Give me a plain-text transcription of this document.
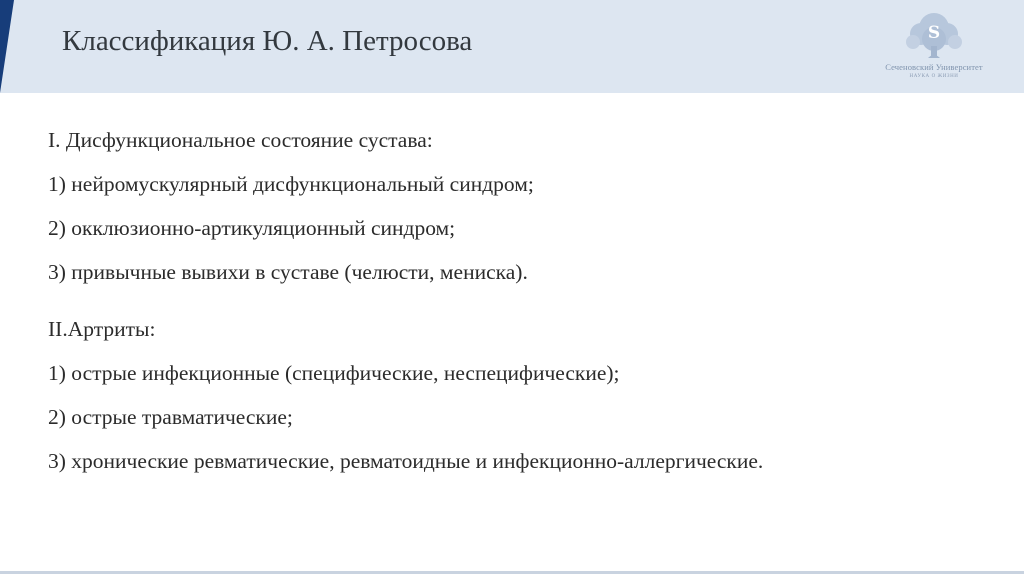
Классификация Ю. А. Петросова	S
Сеченовский Университет
НАУКА О ЖИЗНИ
I. Дисфункциональное состояние сустава:
1) нейромускулярный дисфункциональный синдром;
2) окклюзионно-артикуляционный синдром;
3) привычные вывихи в суставе (челюсти, мениска).
II.Артриты:
1) острые инфекционные (специфические, неспецифические);
2) острые травматические;
3) хронические ревматические, ревматоидные и инфекционно-аллергические.
